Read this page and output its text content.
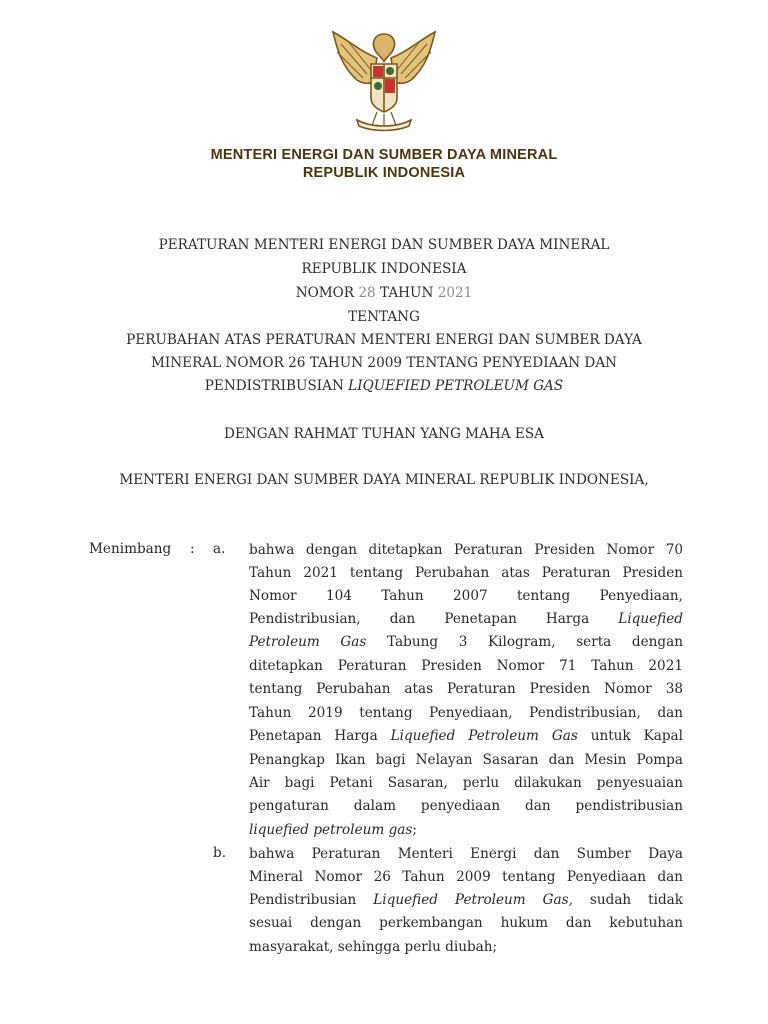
MENTERI ENERGI DAN SUMBER DAYA MINERAL
REPUBLIK INDONESIA
PERATURAN MENTERI ENERGI DAN SUMBER DAYA MINERAL
REPUBLIK INDONESIA
NOMOR 28 TAHUN 2021
TENTANG
PERUBAHAN ATAS PERATURAN MENTERI ENERGI DAN SUMBER DAYA
MINERAL NOMOR 26 TAHUN 2009 TENTANG PENYEDIAAN DAN
PENDISTRIBUSIAN LIQUEFIED PETROLEUM GAS
DENGAN RAHMAT TUHAN YANG MAHA ESA
MENTERI ENERGI DAN SUMBER DAYA MINERAL REPUBLIK INDONESIA,
Menimbang : a. bahwa dengan ditetapkan Peraturan Presiden Nomor 70
Tahun 2021 tentang Perubahan atas Peraturan Presiden
Nomor 104 Tahun 2007 tentang Penyediaan,
Pendistribusian, dan Penetapan Harga Liquefied
Petroleum Gas Tabung 3 Kilogram, serta dengan
ditetapkan Peraturan Presiden Nomor 71 Tahun 2021
tentang Perubahan atas Peraturan Presiden Nomor 38
Tahun 2019 tentang Penyediaan, Pendistribusian, dan
Penetapan Harga Liquefied Petroleum Gas untuk Kapal
Penangkap Ikan bagi Nelayan Sasaran dan Mesin Pompa
Air bagi Petani Sasaran, perlu dilakukan penyesuaian
pengaturan dalam penyediaan dan pendistribusian
liquefied petroleum gas;
b. bahwa Peraturan Menteri Energi dan Sumber Daya
Mineral Nomor 26 Tahun 2009 tentang Penyediaan dan
Pendistribusian Liquefied Petroleum Gas, sudah tidak
sesuai dengan perkembangan hukum dan kebutuhan
masyarakat, sehingga perlu diubah;
